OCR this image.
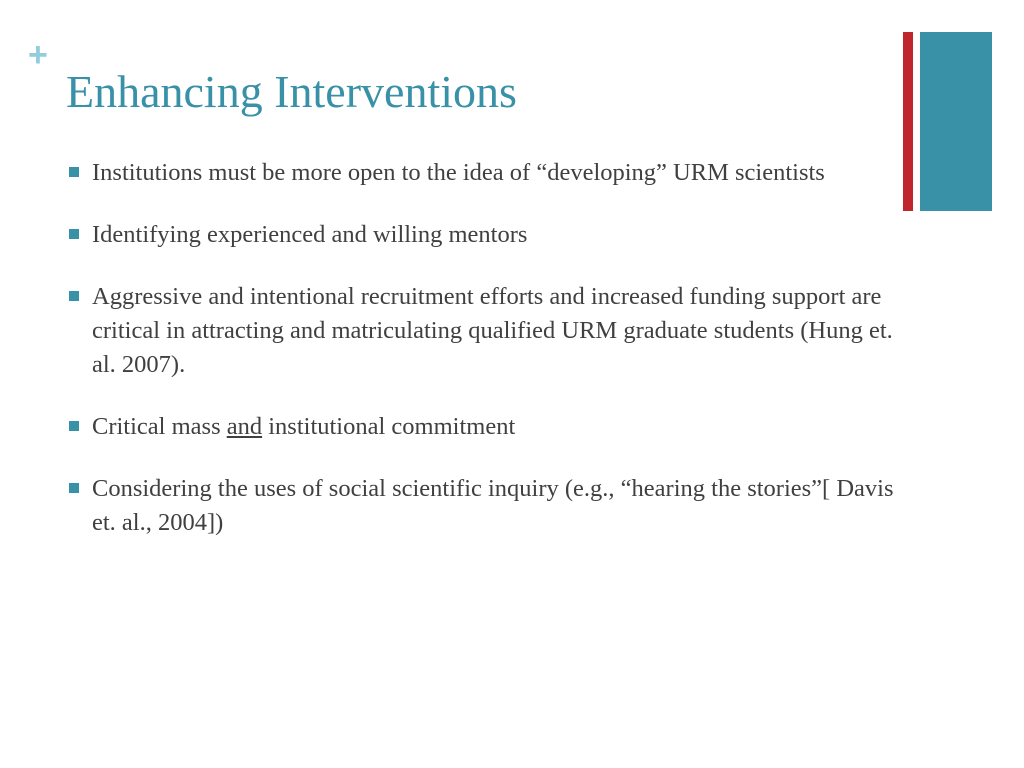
+
Enhancing Interventions
Institutions must be more open to the idea of “developing” URM scientists
Identifying experienced and willing mentors
Aggressive and intentional recruitment efforts and increased funding support are critical in attracting and matriculating qualified URM graduate students (Hung et. al. 2007).
Critical mass and institutional commitment
Considering the uses of social scientific inquiry (e.g., “hearing the stories”[ Davis et. al., 2004])
